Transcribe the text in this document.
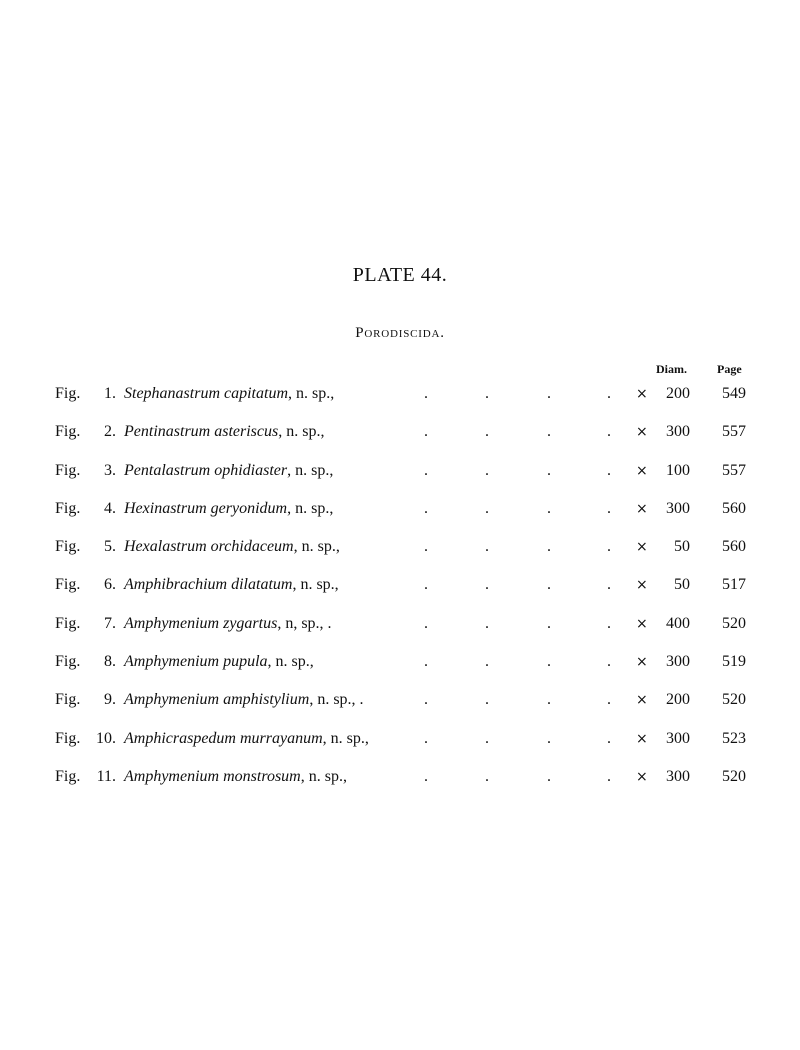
PLATE 44.
Porodiscida.
Diam.	Page
Fig.	1. Stephanastrum capitatum, n. sp.,	.	.	.	. ×	200	549
Fig.	2. Pentinastrum asteriscus, n. sp.,	.	.	.	. ×	300	557
Fig.	3. Pentalastrum ophidiaster, n. sp.,	.	.	.	. ×	100	557
Fig.	4. Hexinastrum geryonidum, n. sp.,	.	.	.	. ×	300	560
Fig.	5. Hexalastrum orchidaceum, n. sp.,	.	.	.	. ×	50	560
Fig.	6. Amphibrachium dilatatum, n. sp.,	.	.	.	. ×	50	517
Fig.	7. Amphymenium zygartus, n, sp., .	.	.	.	. ×	400	520
Fig.	8. Amphymenium pupula, n. sp.,	.	.	.	. ×	300	519
Fig.	9. Amphymenium amphistylium, n. sp., .	.	.	.	. ×	200	520
Fig. 10. Amphicraspedum murrayanum, n. sp.,	.	.	.	. ×	300	523
Fig. 11. Amphymenium monstrosum, n. sp.,	.	.	.	. ×	300	520
